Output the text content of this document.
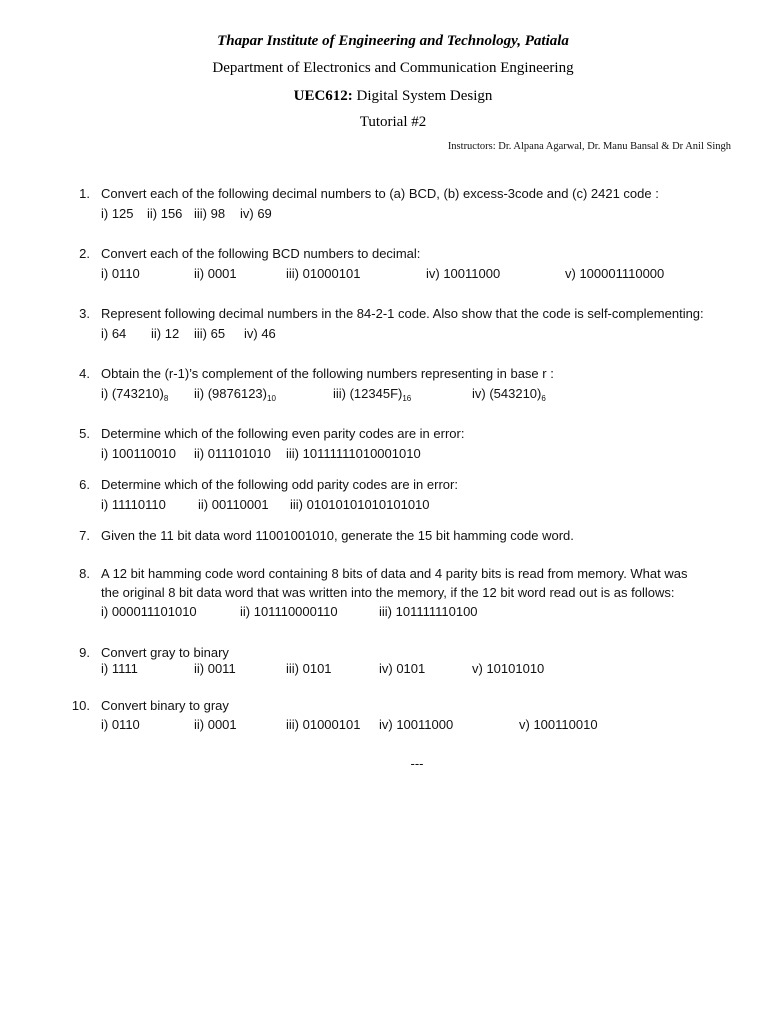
Thapar Institute of Engineering and Technology, Patiala
Department of Electronics and Communication Engineering
UEC612: Digital System Design
Tutorial #2
Instructors: Dr. Alpana Agarwal, Dr. Manu Bansal & Dr Anil Singh
1. Convert each of the following decimal numbers to (a) BCD, (b) excess-3code and (c) 2421 code :
i) 125 ii) 156 iii) 98 iv) 69
2. Convert each of the following BCD numbers to decimal:
i) 0110	ii) 0001	iii) 01000101	iv) 10011000	v) 100001110000
3. Represent following decimal numbers in the 84-2-1 code. Also show that the code is self-complementing:
i) 64 ii) 12 iii) 65 iv) 46
4. Obtain the (r-1)’s complement of the following numbers representing in base r :
i) $(743210)_8$ ii) $(9876123)_{10}$	iii) $(12345F)_{16}$	iv) $(543210)_6$
5. Determine which of the following even parity codes are in error:
i) 100110010 ii) 011101010 iii) 10111111010001010
6. Determine which of the following odd parity codes are in error:
i) 11110110 ii) 00110001 iii) 01010101010101010
7. Given the 11 bit data word 11001001010, generate the 15 bit hamming code word.
8. A 12 bit hamming code word containing 8 bits of data and 4 parity bits is read from memory. What was
the original 8 bit data word that was written into the memory, if the 12 bit word read out is as follows:
i) 000011101010	ii) 101110000110	iii) 101111110100
9. Convert gray to binary
i) 1111	ii) 0011	iii) 0101	iv) 0101	v) 10101010
10. Convert binary to gray
i) 0110	ii) 0001	iii) 01000101 iv) 10011000	v) 100110010
---
